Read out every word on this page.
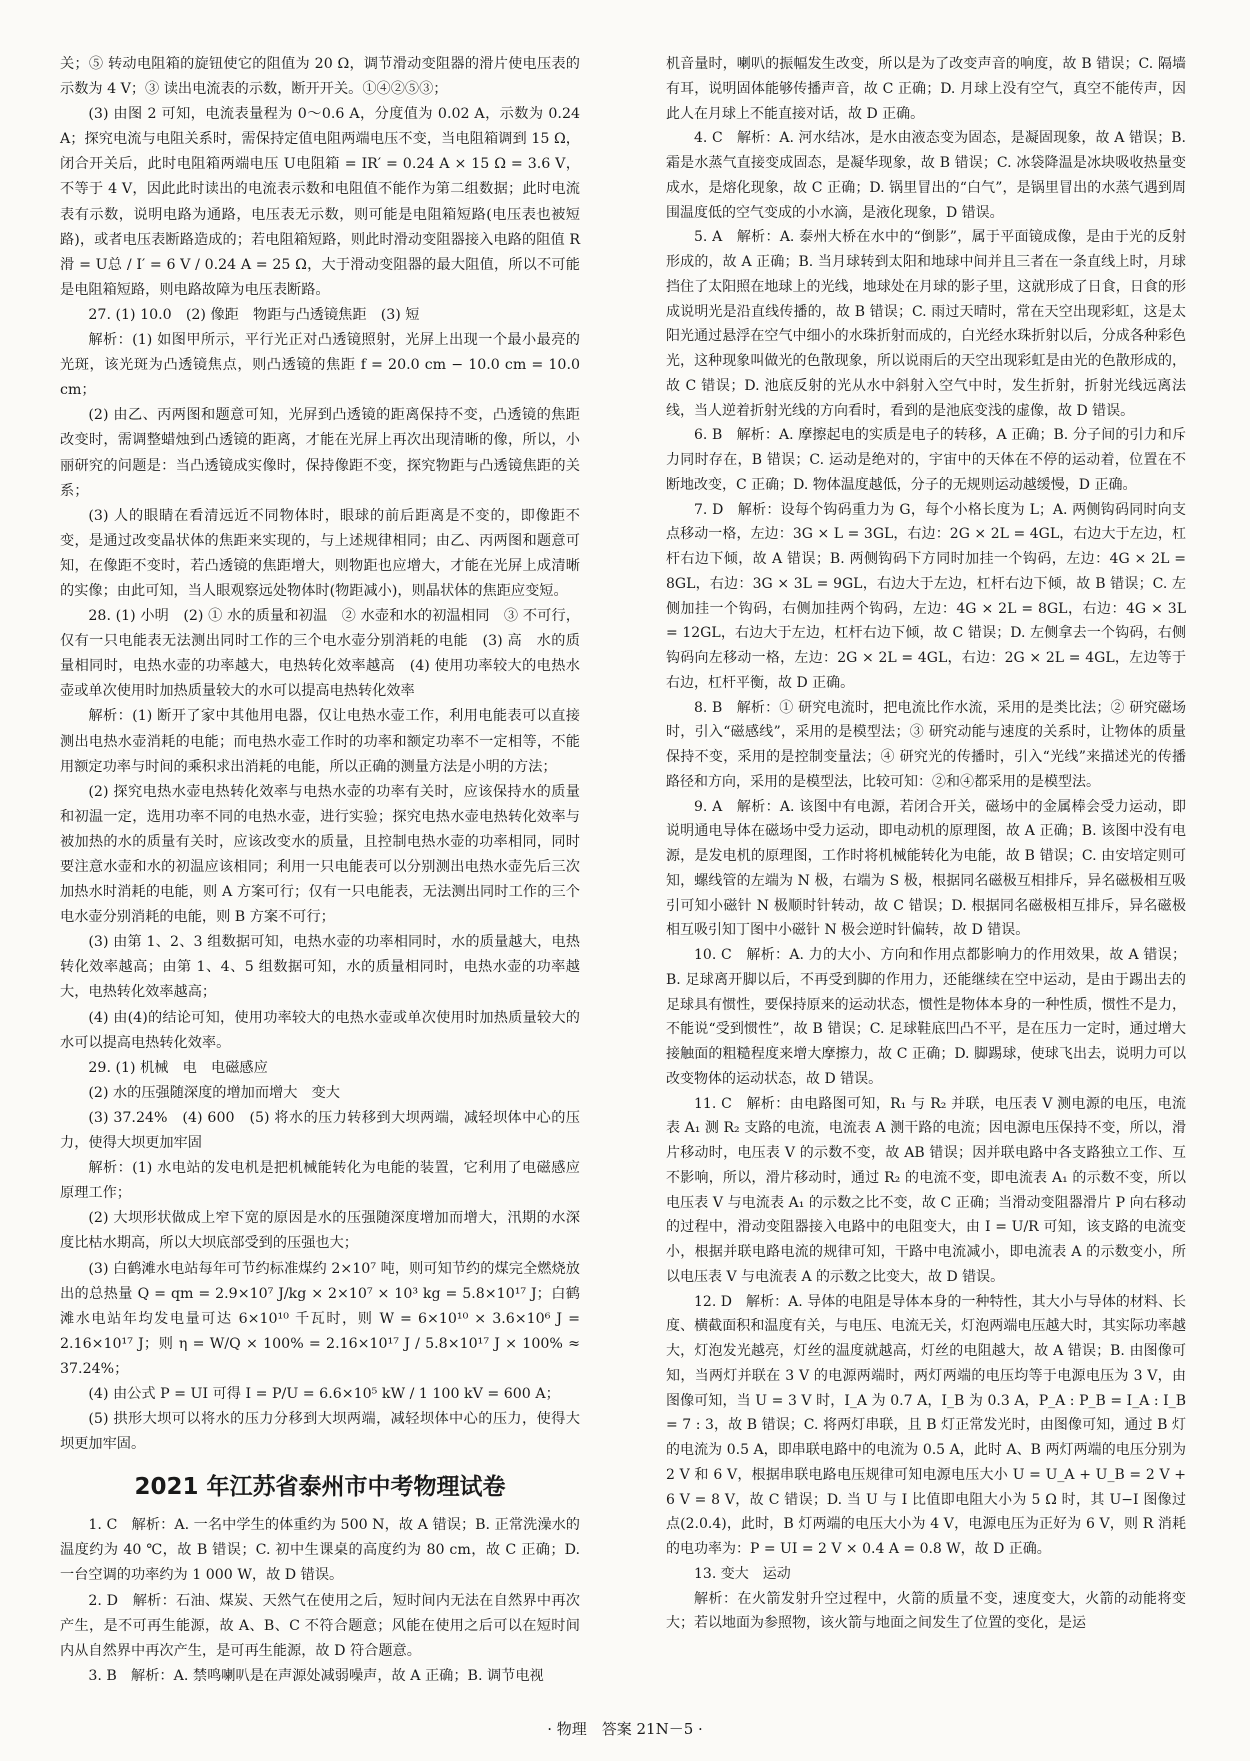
关；⑤ 转动电阻箱的旋钮使它的阻值为 20 Ω，调节滑动变阻器的滑片使电压表的示数为 4 V；③ 读出电流表的示数，断开开关。①④②⑤③；

(3) 由图 2 可知，电流表量程为 0～0.6 A，分度值为 0.02 A，示数为 0.24 A；探究电流与电阻关系时，需保持定值电阻两端电压不变，当电阻箱调到 15 Ω，闭合开关后，此时电阻箱两端电压 U电阻箱 = IR′ = 0.24 A × 15 Ω = 3.6 V，不等于 4 V，因此此时读出的电流表示数和电阻值不能作为第二组数据；此时电流表有示数，说明电路为通路，电压表无示数，则可能是电阻箱短路(电压表也被短路)，或者电压表断路造成的；若电阻箱短路，则此时滑动变阻器接入电路的阻值 R滑 = U总 / I′ = 6 V / 0.24 A = 25 Ω，大于滑动变阻器的最大阻值，所以不可能是电阻箱短路，则电路故障为电压表断路。

27. (1) 10.0　(2) 像距　物距与凸透镜焦距　(3) 短

解析：(1) 如图甲所示，平行光正对凸透镜照射，光屏上出现一个最小最亮的光斑，该光斑为凸透镜焦点，则凸透镜的焦距 f = 20.0 cm − 10.0 cm = 10.0 cm；

(2) 由乙、丙两图和题意可知，光屏到凸透镜的距离保持不变，凸透镜的焦距改变时，需调整蜡烛到凸透镜的距离，才能在光屏上再次出现清晰的像，所以，小丽研究的问题是：当凸透镜成实像时，保持像距不变，探究物距与凸透镜焦距的关系；

(3) 人的眼睛在看清远近不同物体时，眼球的前后距离是不变的，即像距不变，是通过改变晶状体的焦距来实现的，与上述规律相同；由乙、丙两图和题意可知，在像距不变时，若凸透镜的焦距增大，则物距也应增大，才能在光屏上成清晰的实像；由此可知，当人眼观察远处物体时(物距减小)，则晶状体的焦距应变短。

28. (1) 小明　(2) ① 水的质量和初温　② 水壶和水的初温相同　③ 不可行，仅有一只电能表无法测出同时工作的三个电水壶分别消耗的电能　(3) 高　水的质量相同时，电热水壶的功率越大，电热转化效率越高　(4) 使用功率较大的电热水壶或单次使用时加热质量较大的水可以提高电热转化效率

解析：(1) 断开了家中其他用电器，仅让电热水壶工作，利用电能表可以直接测出电热水壶消耗的电能；而电热水壶工作时的功率和额定功率不一定相等，不能用额定功率与时间的乘积求出消耗的电能，所以正确的测量方法是小明的方法；

(2) 探究电热水壶电热转化效率与电热水壶的功率有关时，应该保持水的质量和初温一定，选用功率不同的电热水壶，进行实验；探究电热水壶电热转化效率与被加热的水的质量有关时，应该改变水的质量，且控制电热水壶的功率相同，同时要注意水壶和水的初温应该相同；利用一只电能表可以分别测出电热水壶先后三次加热水时消耗的电能，则 A 方案可行；仅有一只电能表，无法测出同时工作的三个电水壶分别消耗的电能，则 B 方案不可行；

(3) 由第 1、2、3 组数据可知，电热水壶的功率相同时，水的质量越大，电热转化效率越高；由第 1、4、5 组数据可知，水的质量相同时，电热水壶的功率越大，电热转化效率越高；

(4) 由(4)的结论可知，使用功率较大的电热水壶或单次使用时加热质量较大的水可以提高电热转化效率。

29. (1) 机械　电　电磁感应

(2) 水的压强随深度的增加而增大　变大

(3) 37.24%　(4) 600　(5) 将水的压力转移到大坝两端，减轻坝体中心的压力，使得大坝更加牢固

解析：(1) 水电站的发电机是把机械能转化为电能的装置，它利用了电磁感应原理工作；

(2) 大坝形状做成上窄下宽的原因是水的压强随深度增加而增大，汛期的水深度比枯水期高，所以大坝底部受到的压强也大；

(3) 白鹤滩水电站每年可节约标准煤约 2×10⁷ 吨，则可知节约的煤完全燃烧放出的总热量 Q = qm = 2.9×10⁷ J/kg × 2×10⁷ × 10³ kg = 5.8×10¹⁷ J；白鹤滩水电站年均发电量可达 6×10¹⁰ 千瓦时，则 W = 6×10¹⁰ × 3.6×10⁶ J = 2.16×10¹⁷ J；则 η = W/Q × 100% = 2.16×10¹⁷ J / 5.8×10¹⁷ J × 100% ≈ 37.24%；

(4) 由公式 P = UI 可得 I = P/U = 6.6×10⁵ kW / 1 100 kV = 600 A；

(5) 拱形大坝可以将水的压力分移到大坝两端，减轻坝体中心的压力，使得大坝更加牢固。

2021 年江苏省泰州市中考物理试卷

1. C　解析：A. 一名中学生的体重约为 500 N，故 A 错误；B. 正常洗澡水的温度约为 40 ℃，故 B 错误；C. 初中生课桌的高度约为 80 cm，故 C 正确；D. 一台空调的功率约为 1 000 W，故 D 错误。

2. D　解析：石油、煤炭、天然气在使用之后，短时间内无法在自然界中再次产生，是不可再生能源，故 A、B、C 不符合题意；风能在使用之后可以在短时间内从自然界中再次产生，是可再生能源，故 D 符合题意。

3. B　解析：A. 禁鸣喇叭是在声源处减弱噪声，故 A 正确；B. 调节电视

机音量时，喇叭的振幅发生改变，所以是为了改变声音的响度，故 B 错误；C. 隔墙有耳，说明固体能够传播声音，故 C 正确；D. 月球上没有空气，真空不能传声，因此人在月球上不能直接对话，故 D 正确。

4. C　解析：A. 河水结冰，是水由液态变为固态，是凝固现象，故 A 错误；B. 霜是水蒸气直接变成固态，是凝华现象，故 B 错误；C. 冰袋降温是冰块吸收热量变成水，是熔化现象，故 C 正确；D. 锅里冒出的“白气”，是锅里冒出的水蒸气遇到周围温度低的空气变成的小水滴，是液化现象，D 错误。

5. A　解析：A. 泰州大桥在水中的“倒影”，属于平面镜成像，是由于光的反射形成的，故 A 正确；B. 当月球转到太阳和地球中间并且三者在一条直线上时，月球挡住了太阳照在地球上的光线，地球处在月球的影子里，这就形成了日食，日食的形成说明光是沿直线传播的，故 B 错误；C. 雨过天晴时，常在天空出现彩虹，这是太阳光通过悬浮在空气中细小的水珠折射而成的，白光经水珠折射以后，分成各种彩色光，这种现象叫做光的色散现象，所以说雨后的天空出现彩虹是由光的色散形成的，故 C 错误；D. 池底反射的光从水中斜射入空气中时，发生折射，折射光线远离法线，当人逆着折射光线的方向看时，看到的是池底变浅的虚像，故 D 错误。

6. B　解析：A. 摩擦起电的实质是电子的转移，A 正确；B. 分子间的引力和斥力同时存在，B 错误；C. 运动是绝对的，宇宙中的天体在不停的运动着，位置在不断地改变，C 正确；D. 物体温度越低，分子的无规则运动越缓慢，D 正确。

7. D　解析：设每个钩码重力为 G，每个小格长度为 L；A. 两侧钩码同时向支点移动一格，左边：3G × L = 3GL，右边：2G × 2L = 4GL，右边大于左边，杠杆右边下倾，故 A 错误；B. 两侧钩码下方同时加挂一个钩码，左边：4G × 2L = 8GL，右边：3G × 3L = 9GL，右边大于左边，杠杆右边下倾，故 B 错误；C. 左侧加挂一个钩码，右侧加挂两个钩码，左边：4G × 2L = 8GL，右边：4G × 3L = 12GL，右边大于左边，杠杆右边下倾，故 C 错误；D. 左侧拿去一个钩码，右侧钩码向左移动一格，左边：2G × 2L = 4GL，右边：2G × 2L = 4GL，左边等于右边，杠杆平衡，故 D 正确。

8. B　解析：① 研究电流时，把电流比作水流，采用的是类比法；② 研究磁场时，引入“磁感线”，采用的是模型法；③ 研究动能与速度的关系时，让物体的质量保持不变，采用的是控制变量法；④ 研究光的传播时，引入“光线”来描述光的传播路径和方向，采用的是模型法，比较可知：②和④都采用的是模型法。

9. A　解析：A. 该图中有电源，若闭合开关，磁场中的金属棒会受力运动，即说明通电导体在磁场中受力运动，即电动机的原理图，故 A 正确；B. 该图中没有电源，是发电机的原理图，工作时将机械能转化为电能，故 B 错误；C. 由安培定则可知，螺线管的左端为 N 极，右端为 S 极，根据同名磁极互相排斥，异名磁极相互吸引可知小磁针 N 极顺时针转动，故 C 错误；D. 根据同名磁极相互排斥，异名磁极相互吸引知丁图中小磁针 N 极会逆时针偏转，故 D 错误。

10. C　解析：A. 力的大小、方向和作用点都影响力的作用效果，故 A 错误；B. 足球离开脚以后，不再受到脚的作用力，还能继续在空中运动，是由于踢出去的足球具有惯性，要保持原来的运动状态，惯性是物体本身的一种性质，惯性不是力，不能说“受到惯性”，故 B 错误；C. 足球鞋底凹凸不平，是在压力一定时，通过增大接触面的粗糙程度来增大摩擦力，故 C 正确；D. 脚踢球，使球飞出去，说明力可以改变物体的运动状态，故 D 错误。

11. C　解析：由电路图可知，R₁ 与 R₂ 并联，电压表 V 测电源的电压，电流表 A₁ 测 R₂ 支路的电流，电流表 A 测干路的电流；因电源电压保持不变，所以，滑片移动时，电压表 V 的示数不变，故 AB 错误；因并联电路中各支路独立工作、互不影响，所以，滑片移动时，通过 R₂ 的电流不变，即电流表 A₁ 的示数不变，所以电压表 V 与电流表 A₁ 的示数之比不变，故 C 正确；当滑动变阻器滑片 P 向右移动的过程中，滑动变阻器接入电路中的电阻变大，由 I = U/R 可知，该支路的电流变小，根据并联电路电流的规律可知，干路中电流减小，即电流表 A 的示数变小，所以电压表 V 与电流表 A 的示数之比变大，故 D 错误。

12. D　解析：A. 导体的电阻是导体本身的一种特性，其大小与导体的材料、长度、横截面积和温度有关，与电压、电流无关，灯泡两端电压越大时，其实际功率越大，灯泡发光越亮，灯丝的温度就越高，灯丝的电阻越大，故 A 错误；B. 由图像可知，当两灯并联在 3 V 的电源两端时，两灯两端的电压均等于电源电压为 3 V，由图像可知，当 U = 3 V 时，I_A 为 0.7 A，I_B 为 0.3 A，P_A : P_B = I_A : I_B = 7 : 3，故 B 错误；C. 将两灯串联，且 B 灯正常发光时，由图像可知，通过 B 灯的电流为 0.5 A，即串联电路中的电流为 0.5 A，此时 A、B 两灯两端的电压分别为 2 V 和 6 V，根据串联电路电压规律可知电源电压大小 U = U_A + U_B = 2 V + 6 V = 8 V，故 C 错误；D. 当 U 与 I 比值即电阻大小为 5 Ω 时，其 U−I 图像过点(2.0.4)，此时，B 灯两端的电压大小为 4 V，电源电压为正好为 6 V，则 R 消耗的电功率为：P = UI = 2 V × 0.4 A = 0.8 W，故 D 正确。

13. 变大　运动

解析：在火箭发射升空过程中，火箭的质量不变，速度变大，火箭的动能将变大；若以地面为参照物，该火箭与地面之间发生了位置的变化，是运

· 物理　答案 21N－5 ·
